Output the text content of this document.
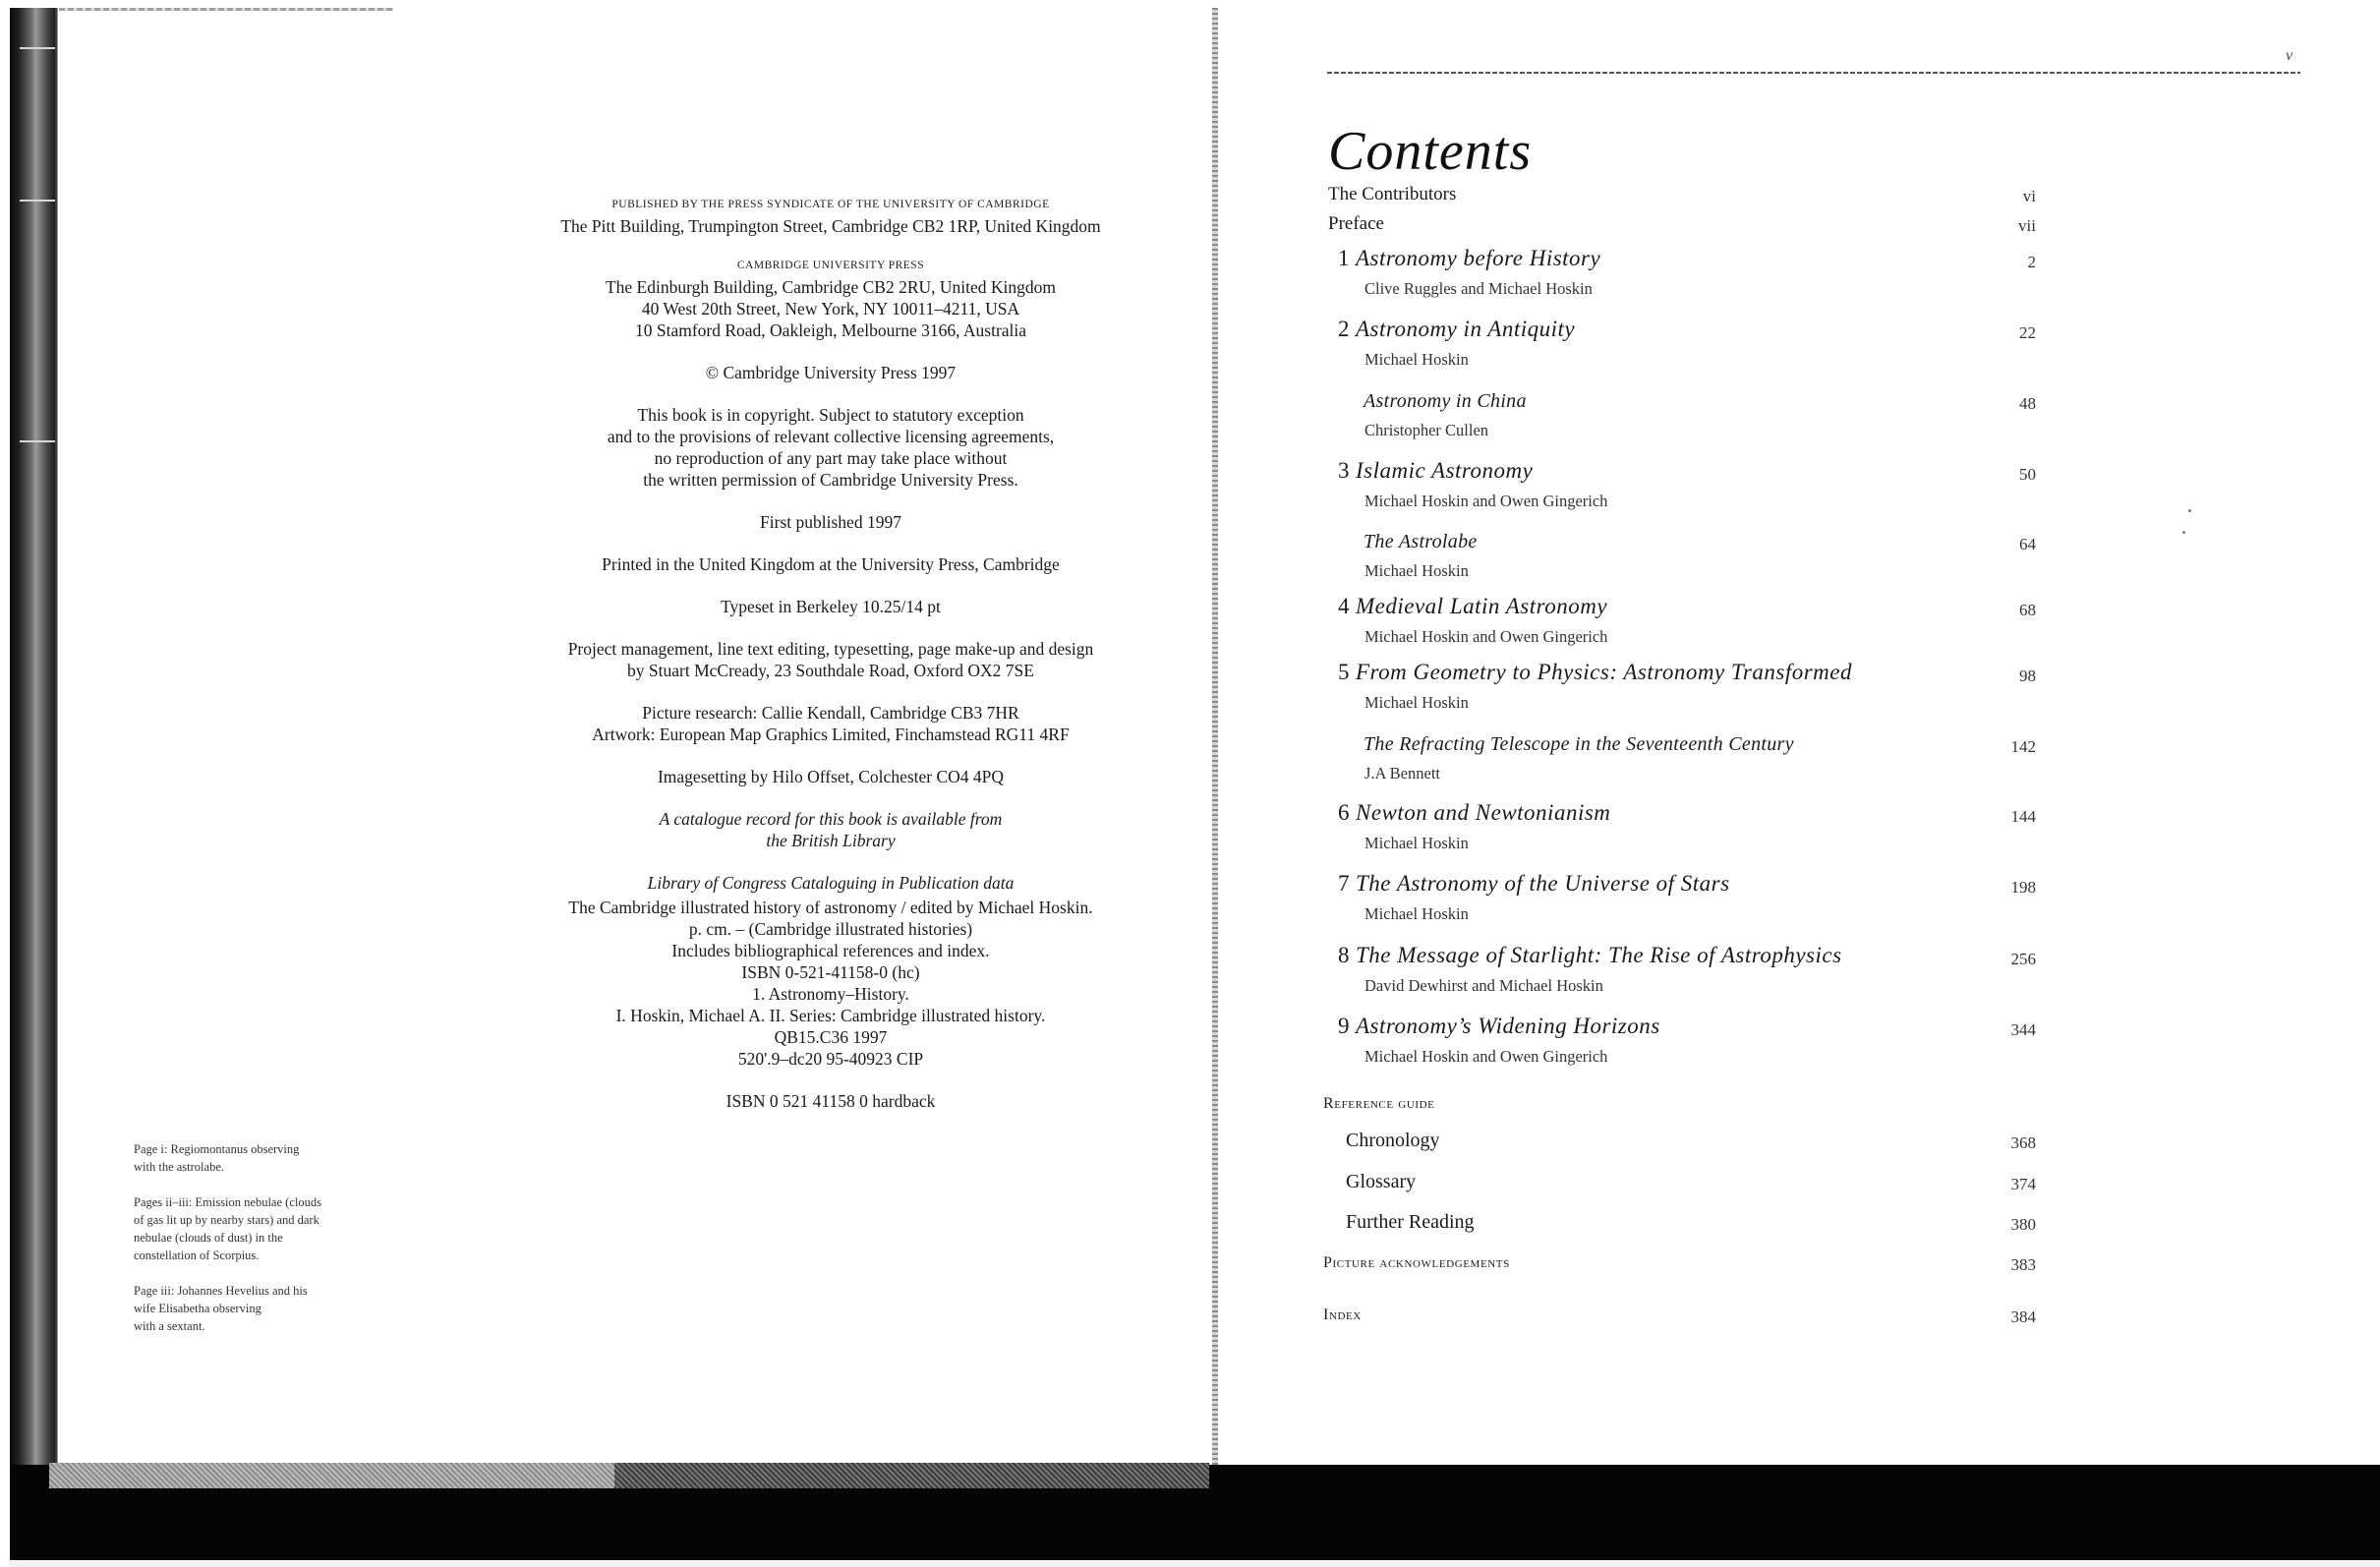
PUBLISHED BY THE PRESS SYNDICATE OF THE UNIVERSITY OF CAMBRIDGE
The Pitt Building, Trumpington Street, Cambridge CB2 1RP, United Kingdom
CAMBRIDGE UNIVERSITY PRESS
The Edinburgh Building, Cambridge CB2 2RU, United Kingdom
40 West 20th Street, New York, NY 10011–4211, USA
10 Stamford Road, Oakleigh, Melbourne 3166, Australia
© Cambridge University Press 1997
This book is in copyright. Subject to statutory exception
and to the provisions of relevant collective licensing agreements,
no reproduction of any part may take place without
the written permission of Cambridge University Press.
First published 1997
Printed in the United Kingdom at the University Press, Cambridge
Typeset in Berkeley 10.25/14 pt
Project management, line text editing, typesetting, page make-up and design
by Stuart McCready, 23 Southdale Road, Oxford OX2 7SE
Picture research: Callie Kendall, Cambridge CB3 7HR
Artwork: European Map Graphics Limited, Finchamstead RG11 4RF
Imagesetting by Hilo Offset, Colchester CO4 4PQ
A catalogue record for this book is available from
the British Library
Library of Congress Cataloguing in Publication data
The Cambridge illustrated history of astronomy / edited by Michael Hoskin.
p. cm. – (Cambridge illustrated histories)
Includes bibliographical references and index.
ISBN 0-521-41158-0 (hc)
1. Astronomy–History.
I. Hoskin, Michael A. II. Series: Cambridge illustrated history.
QB15.C36 1997
520'.9–dc20 95-40923 CIP
ISBN 0 521 41158 0 hardback
Page i: Regiomontanus observing
with the astrolabe.
Pages ii–iii: Emission nebulae (clouds
of gas lit up by nearby stars) and dark
nebulae (clouds of dust) in the
constellation of Scorpius.
Page iii: Johannes Hevelius and his
wife Elisabetha observing
with a sextant.
v
Contents
The Contributors	vi
Preface	vii
1 Astronomy before History	2
Clive Ruggles and Michael Hoskin
2 Astronomy in Antiquity	22
Michael Hoskin
Astronomy in China	48
Christopher Cullen
3 Islamic Astronomy	50
Michael Hoskin and Owen Gingerich
The Astrolabe	64
Michael Hoskin
4 Medieval Latin Astronomy	68
Michael Hoskin and Owen Gingerich
5 From Geometry to Physics: Astronomy Transformed	98
Michael Hoskin
The Refracting Telescope in the Seventeenth Century	142
J.A Bennett
6 Newton and Newtonianism	144
Michael Hoskin
7 The Astronomy of the Universe of Stars	198
Michael Hoskin
8 The Message of Starlight: The Rise of Astrophysics	256
David Dewhirst and Michael Hoskin
9 Astronomy’s Widening Horizons	344
Michael Hoskin and Owen Gingerich
Reference guide
Chronology	368
Glossary	374
Further Reading	380
Picture acknowledgements	383
Index	384
